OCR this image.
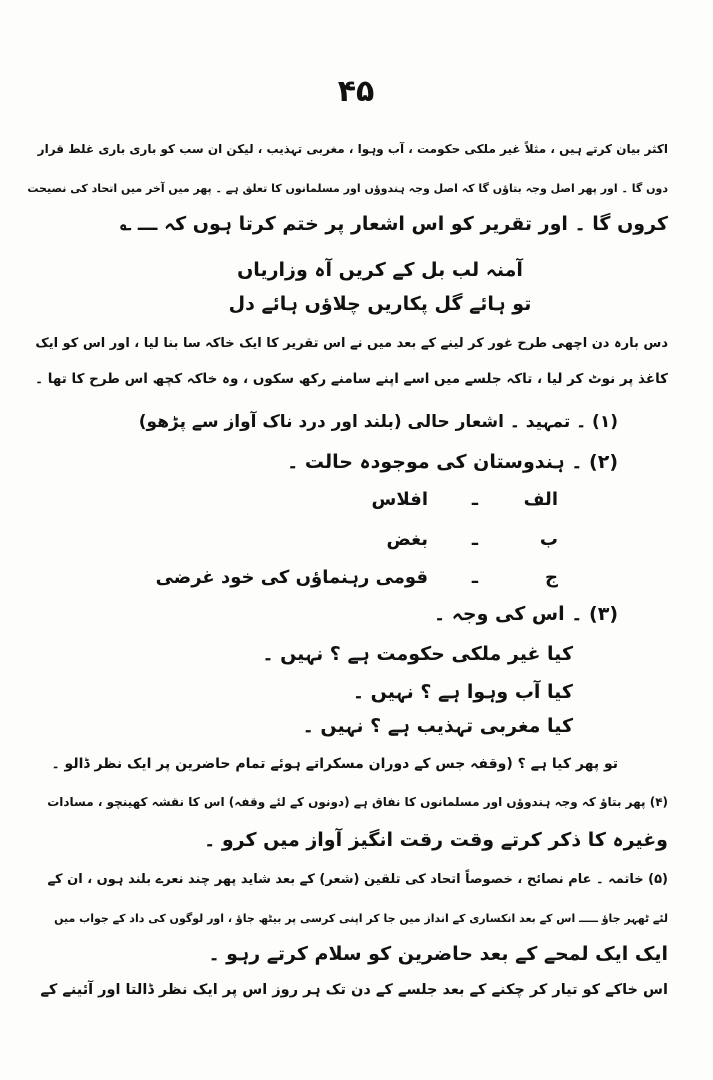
۴۵
اکثر بیان کرتے ہیں ، مثلاً غیر ملکی حکومت ، آب وہوا ، مغربی تہذیب ، لیکن ان سب کو باری باری غلط قرار
دوں گا ۔ اور پھر اصل وجہ بتاؤں گا کہ اصل وجہ ہندوؤں اور مسلمانوں کا تعلق ہے ۔ پھر میں آخر میں اتحاد کی نصیحت
کروں گا ۔ اور تقریر کو اس اشعار پر ختم کرتا ہوں کہ ـــ ؎
آمنہ لب بل کے کریں آہ وزاریاں
تو ہائے گل پکاریں چلاؤں ہائے دل
دس بارہ دن اچھی طرح غور کر لینے کے بعد میں نے اس تقریر کا ایک خاکہ سا بنا لیا ، اور اس کو ایک
کاغذ پر نوٹ کر لیا ، تاکہ جلسے میں اسے اپنے سامنے رکھ سکوں ، وہ خاکہ کچھ اس طرح کا تھا ۔
(۱) ۔ تمہید ۔ اشعار حالی (بلند اور درد ناک آواز سے پڑھو)
(۲) ۔ ہندوستان کی موجودہ حالت ۔
الف
ـ
افلاس
ب
ـ
بغض
ج
ـ
قومی رہنماؤں کی خود غرضی
(۳) ۔ اس کی وجہ ۔
کیا غیر ملکی حکومت ہے ؟ نہیں ۔
کیا آب وہوا ہے ؟ نہیں ۔
کیا مغربی تہذیب ہے ؟ نہیں ۔
تو پھر کیا ہے ؟ (وقفہ جس کے دوران مسکراتے ہوئے تمام حاضرین پر ایک نظر ڈالو ۔
(۴) پھر بتاؤ کہ وجہ ہندوؤں اور مسلمانوں کا نفاق ہے (دونوں کے لئے وقفہ) اس کا نقشہ کھینچو ، مسادات
وغیرہ کا ذکر کرتے وقت رقت انگیز آواز میں کرو ۔
(۵) خاتمہ ۔ عام نصائح ، خصوصاً اتحاد کی تلقین (شعر) کے بعد شاید پھر چند نعرے بلند ہوں ، ان کے
لئے ٹھہر جاؤ ـــــ اس کے بعد انکساری کے انداز میں جا کر اپنی کرسی پر بیٹھ جاؤ ، اور لوگوں کی داد کے جواب میں
ایک ایک لمحے کے بعد حاضرین کو سلام کرتے رہو ۔
اس خاکے کو تیار کر چکنے کے بعد جلسے کے دن تک ہر روز اس پر ایک نظر ڈالتا اور آئینے کے
